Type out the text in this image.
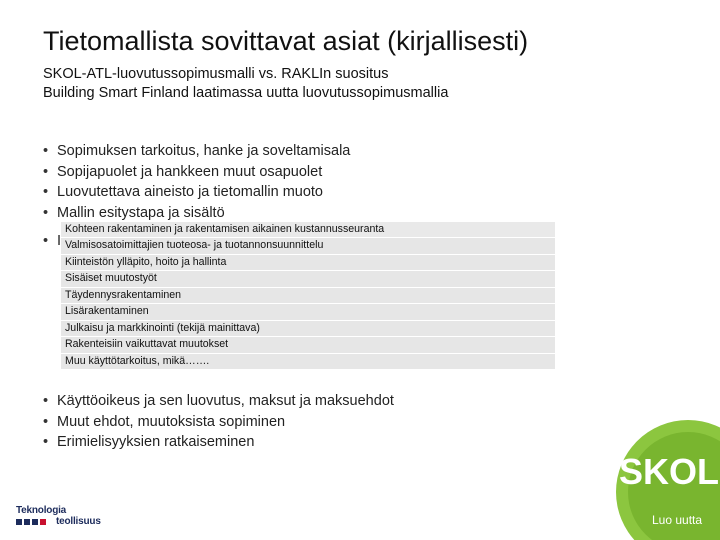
Tietomallista sovittavat asiat (kirjallisesti)
SKOL-ATL-luovutussopimusmalli vs. RAKLIn suositus
Building Smart Finland laatimassa uutta luovutussopimusmallia
• Sopimuksen tarkoitus, hanke ja soveltamisala
• Sopijapuolet ja hankkeen muut osapuolet
• Luovutettava aineisto ja tietomallin muoto
• Mallin esitystapa ja sisältö
• I
Kohteen rakentaminen ja rakentamisen aikainen kustannusseuranta
Valmisosatoimittajien tuoteosa- ja tuotannonsuunnittelu
Kiinteistön ylläpito, hoito ja hallinta
Sisäiset muutostyöt
Täydennysrakentaminen
Lisärakentaminen
Julkaisu ja markkinointi (tekijä mainittava)
Rakenteisiin vaikuttavat muutokset
Muu käyttötarkoitus, mikä…….
• Käyttöoikeus ja sen luovutus, maksut ja maksuehdot
• Muut ehdot, muutoksista sopiminen
• Erimielisyyksien ratkaiseminen
Teknologia
teollisuus
SKOL
Luo uutta
